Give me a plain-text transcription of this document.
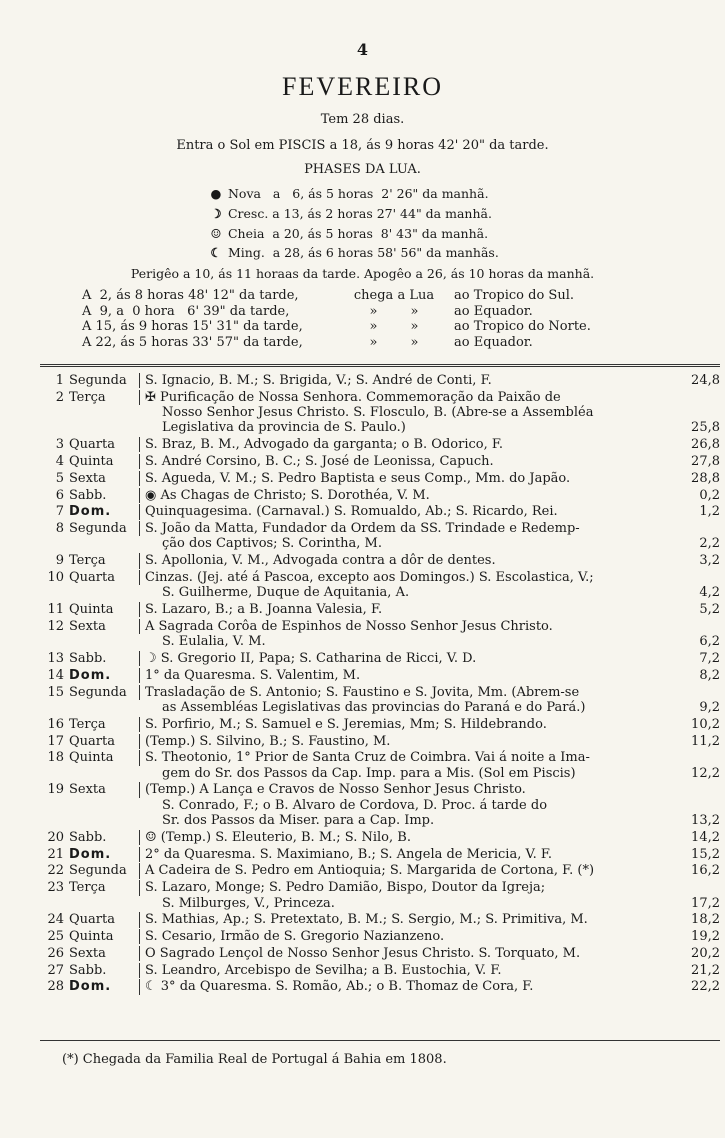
4
FEVEREIRO
Tem 28 dias.
Entra o Sol em PISCIS a 18, ás 9 horas 42' 20" da tarde.
PHASES DA LUA.
● Nova   a   6, ás 5 horas  2' 26" da manhã.
☽ Cresc. a 13, ás 2 horas 27' 44" da manhã.
☺ Cheia  a 20, ás 5 horas  8' 43" da manhã.
☾ Ming.  a 28, ás 6 horas 58' 56" da manhãs.
Perigêo a 10, ás 11 horaas da tarde. Apogêo a 26, ás 10 horas da manhã.
A  2, ás 8 horas 48' 12" da tarde,	chega a Lua	ao Tropico do Sul.
A  9, a  0 hora   6' 39" da tarde,	»        »	ao Equador.
A 15, ás 9 horas 15' 31" da tarde,	»        »	ao Tropico do Norte.
A 22, ás 5 horas 33' 57" da tarde,	»        »	ao Equador.
1 Segunda	S. Ignacio, B. M.; S. Brigida, V.; S. André de Conti, F.	24,8
2 Terça	✠ Purificação de Nossa Senhora. Commemoração da Paixão de
Nosso Senhor Jesus Christo. S. Flosculo, B. (Abre-se a Assembléa
Legislativa da provincia de S. Paulo.)	25,8
3 Quarta	S. Braz, B. M., Advogado da garganta; o B. Odorico, F.	26,8
4 Quinta	S. André Corsino, B. C.; S. José de Leonissa, Capuch.	27,8
5 Sexta	S. Agueda, V. M.; S. Pedro Baptista e seus Comp., Mm. do Japão.	28,8
6 Sabb.	◉ As Chagas de Christo; S. Dorothéa, V. M.	0,2
7 Dom.	Quinquagesima. (Carnaval.) S. Romualdo, Ab.; S. Ricardo, Rei.	1,2
8 Segunda	S. João da Matta, Fundador da Ordem da SS. Trindade e Redemp-
ção dos Captivos; S. Corintha, M.	2,2
9 Terça	S. Apollonia, V. M., Advogada contra a dôr de dentes.	3,2
10 Quarta	Cinzas. (Jej. até á Pascoa, excepto aos Domingos.) S. Escolastica, V.;
S. Guilherme, Duque de Aquitania, A.	4,2
11 Quinta	S. Lazaro, B.; a B. Joanna Valesia, F.	5,2
12 Sexta	A Sagrada Corôa de Espinhos de Nosso Senhor Jesus Christo.
S. Eulalia, V. M.	6,2
13 Sabb.	☽ S. Gregorio II, Papa; S. Catharina de Ricci, V. D.	7,2
14 Dom.	1° da Quaresma. S. Valentim, M.	8,2
15 Segunda	Trasladação de S. Antonio; S. Faustino e S. Jovita, Mm. (Abrem-se
as Assembléas Legislativas das provincias do Paraná e do Pará.)	9,2
16 Terça	S. Porfirio, M.; S. Samuel e S. Jeremias, Mm; S. Hildebrando.	10,2
17 Quarta	(Temp.) S. Silvino, B.; S. Faustino, M.	11,2
18 Quinta	S. Theotonio, 1° Prior de Santa Cruz de Coimbra. Vai á noite a Ima-
gem do Sr. dos Passos da Cap. Imp. para a Mis. (Sol em Piscis)	12,2
19 Sexta	(Temp.) A Lança e Cravos de Nosso Senhor Jesus Christo.
S. Conrado, F.; o B. Alvaro de Cordova, D. Proc. á tarde do
Sr. dos Passos da Miser. para a Cap. Imp.	13,2
20 Sabb.	☺ (Temp.) S. Eleuterio, B. M.; S. Nilo, B.	14,2
21 Dom.	2° da Quaresma. S. Maximiano, B.; S. Angela de Mericia, V. F.	15,2
22 Segunda	A Cadeira de S. Pedro em Antioquia; S. Margarida de Cortona, F. (*)	16,2
23 Terça	S. Lazaro, Monge; S. Pedro Damião, Bispo, Doutor da Igreja;
S. Milburges, V., Princeza.	17,2
24 Quarta	S. Mathias, Ap.; S. Pretextato, B. M.; S. Sergio, M.; S. Primitiva, M.	18,2
25 Quinta	S. Cesario, Irmão de S. Gregorio Nazianzeno.	19,2
26 Sexta	O Sagrado Lençol de Nosso Senhor Jesus Christo. S. Torquato, M.	20,2
27 Sabb.	S. Leandro, Arcebispo de Sevilha; a B. Eustochia, V. F.	21,2
28 Dom.	☾ 3° da Quaresma. S. Romão, Ab.; o B. Thomaz de Cora, F.	22,2
(*) Chegada da Familia Real de Portugal á Bahia em 1808.
